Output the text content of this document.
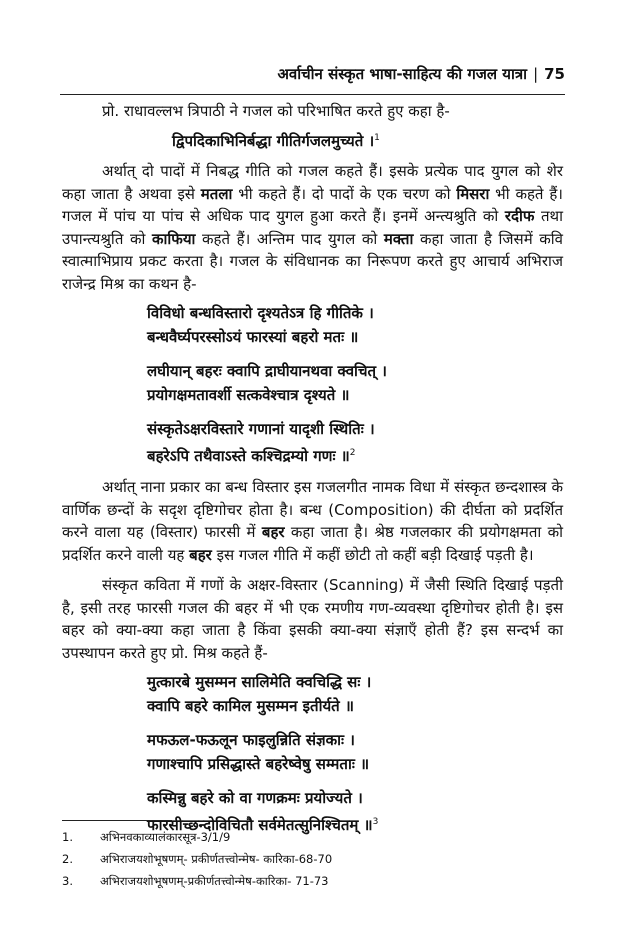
अर्वाचीन संस्कृत भाषा-साहित्य की गजल यात्रा | 75

प्रो. राधावल्लभ त्रिपाठी ने गजल को परिभाषित करते हुए कहा है-

द्विपदिकाभिनिर्बद्धा गीतिर्गजलमुच्यते ।$^1$

अर्थात् दो पादों में निबद्ध गीति को गजल कहते हैं। इसके प्रत्येक पाद युगल को शेर कहा जाता है अथवा इसे मतला भी कहते हैं। दो पादों के एक चरण को मिसरा भी कहते हैं। गजल में पांच या पांच से अधिक पाद युगल हुआ करते हैं। इनमें अन्त्यश्रुति को रदीफ तथा उपान्त्यश्रुति को काफिया कहते हैं। अन्तिम पाद युगल को मक्ता कहा जाता है जिसमें कवि स्वात्माभिप्राय प्रकट करता है। गजल के संविधानक का निरूपण करते हुए आचार्य अभिराज राजेन्द्र मिश्र का कथन है-

विविधो बन्धविस्तारो दृश्यतेऽत्र हि गीतिके ।
बन्धवैर्घ्यपरस्सोऽयं फारस्यां बहरो मतः ॥
लघीयान् बहरः क्वापि द्राघीयानथवा क्वचित् ।
प्रयोगक्षमतावर्शी सत्कवेश्चात्र दृश्यते ॥
संस्कृतेऽक्षरविस्तारे गणानां यादृशी स्थितिः ।
बहरेऽपि तथैवाऽस्ते कश्चिद्रम्यो गणः ॥$^2$

अर्थात् नाना प्रकार का बन्ध विस्तार इस गजलगीत नामक विधा में संस्कृत छन्दशास्त्र के वार्णिक छन्दों के सदृश दृष्टिगोचर होता है। बन्ध (Composition) की दीर्घता को प्रदर्शित करने वाला यह (विस्तार) फारसी में बहर कहा जाता है। श्रेष्ठ गजलकार की प्रयोगक्षमता को प्रदर्शित करने वाली यह बहर इस गजल गीति में कहीं छोटी तो कहीं बड़ी दिखाई पड़ती है।

संस्कृत कविता में गणों के अक्षर-विस्तार (Scanning) में जैसी स्थिति दिखाई पड़ती है, इसी तरह फारसी गजल की बहर में भी एक रमणीय गण-व्यवस्था दृष्टिगोचर होती है। इस बहर को क्या-क्या कहा जाता है किंवा इसकी क्या-क्या संज्ञाएँ होती हैं? इस सन्दर्भ का उपस्थापन करते हुए प्रो. मिश्र कहते हैं-

मुत्कारबे मुसम्मन सालिमेति क्वचिद्धि सः ।
क्वापि बहरे कामिल मुसम्मन इतीर्यते ॥
मफऊल-फऊलून फाइलुन्निति संज्ञकाः ।
गणाश्चापि प्रसिद्धास्ते बहरेष्वेषु सम्मताः ॥
कस्मिन्नु बहरे को वा गणक्रमः प्रयोज्यते ।
फारसीच्छन्दोविचितौ सर्वमेतत्सुनिश्चितम् ॥$^3$
1. अभिनवकाव्यालंकारसूत्र-3/1/9
2. अभिराजयशोभूषणम्- प्रकीर्णतत्त्वोन्मेष- कारिका-68-70
3. अभिराजयशोभूषणम्-प्रकीर्णतत्त्वोन्मेष-कारिका- 71-73
